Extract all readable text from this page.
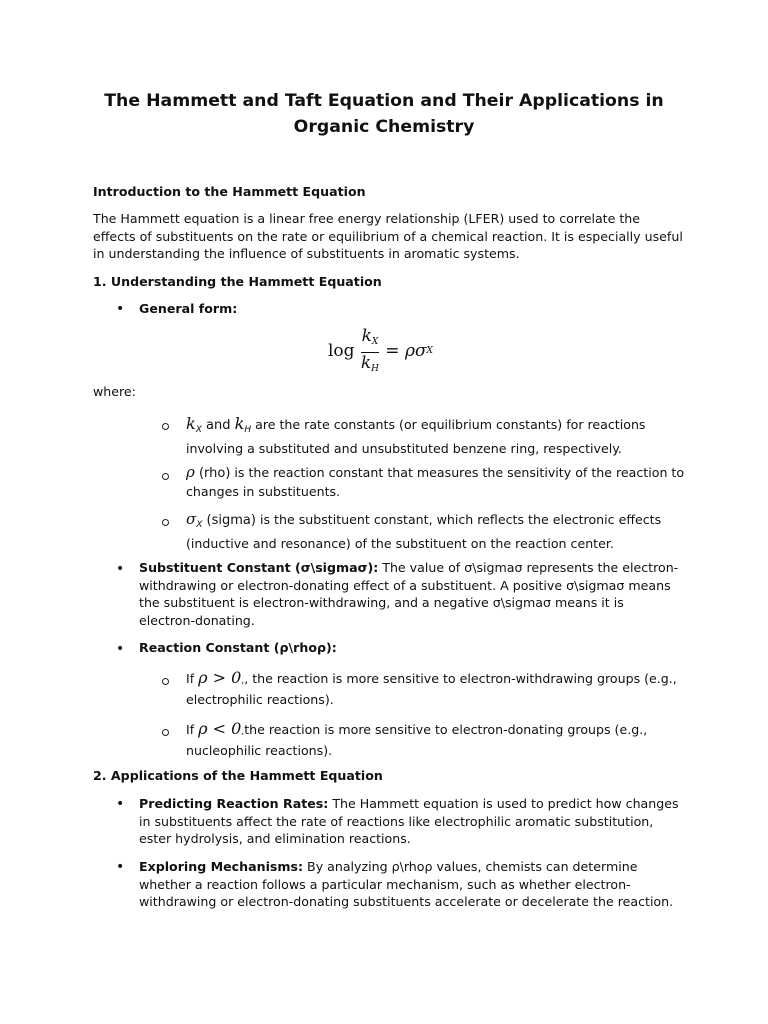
The Hammett and Taft Equation and Their Applications in Organic Chemistry
Introduction to the Hammett Equation
The Hammett equation is a linear free energy relationship (LFER) used to correlate the effects of substituents on the rate or equilibrium of a chemical reaction. It is especially useful in understanding the influence of substituents in aromatic systems.
1. Understanding the Hammett Equation
•
General form:
$\log \frac{k_X}{k_H} = \rho\sigma$ X
where:
$k_X$ and $k_H$ are the rate constants (or equilibrium constants) for reactions involving a substituted and unsubstituted benzene ring, respectively.
ρ (rho) is the reaction constant that measures the sensitivity of the reaction to changes in substituents.
$\sigma_X$ (sigma) is the substituent constant, which reflects the electronic effects (inductive and resonance) of the substituent on the reaction center.
•
Substituent Constant (σ\sigmaσ): The value of σ\sigmaσ represents the electron-withdrawing or electron-donating effect of a substituent. A positive σ\sigmaσ means the substituent is electron-withdrawing, and a negative σ\sigmaσ means it is electron-donating.
•
Reaction Constant (ρ\rhoρ):
If ρ > 0,, the reaction is more sensitive to electron-withdrawing groups (e.g., electrophilic reactions).
If ρ < 0,the reaction is more sensitive to electron-donating groups (e.g., nucleophilic reactions).
2. Applications of the Hammett Equation
•
Predicting Reaction Rates: The Hammett equation is used to predict how changes in substituents affect the rate of reactions like electrophilic aromatic substitution, ester hydrolysis, and elimination reactions.
•
Exploring Mechanisms: By analyzing ρ\rhoρ values, chemists can determine whether a reaction follows a particular mechanism, such as whether electron-withdrawing or electron-donating substituents accelerate or decelerate the reaction.
